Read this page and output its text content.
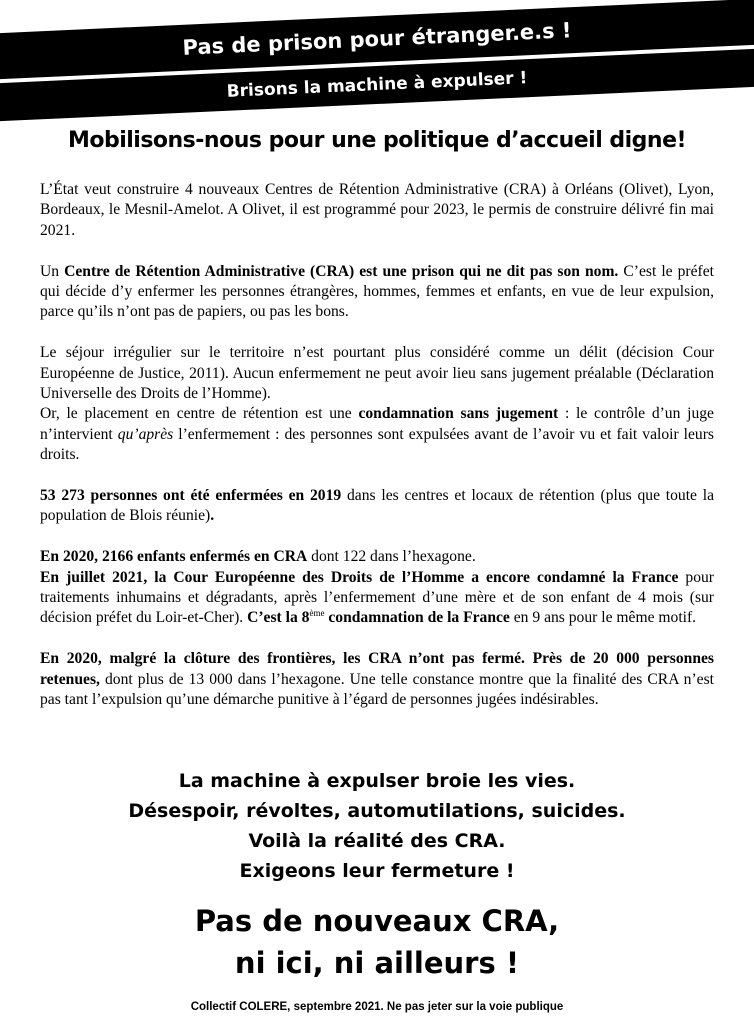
Pas de prison pour étranger.e.s !
Brisons la machine à expulser !
Mobilisons-nous pour une politique d’accueil digne!

L’État veut construire 4 nouveaux Centres de Rétention Administrative (CRA) à Orléans (Olivet), Lyon, Bordeaux, le Mesnil-Amelot. A Olivet, il est programmé pour 2023, le permis de construire délivré fin mai 2021.

Un Centre de Rétention Administrative (CRA) est une prison qui ne dit pas son nom. C’est le préfet qui décide d’y enfermer les personnes étrangères, hommes, femmes et enfants, en vue de leur expulsion, parce qu’ils n’ont pas de papiers, ou pas les bons.

Le séjour irrégulier sur le territoire n’est pourtant plus considéré comme un délit (décision Cour Européenne de Justice, 2011). Aucun enfermement ne peut avoir lieu sans jugement préalable (Déclaration Universelle des Droits de l’Homme).

Or, le placement en centre de rétention est une condamnation sans jugement : le contrôle d’un juge n’intervient qu’après l’enfermement : des personnes sont expulsées avant de l’avoir vu et fait valoir leurs droits.

53 273 personnes ont été enfermées en 2019 dans les centres et locaux de rétention (plus que toute la population de Blois réunie).

En 2020, 2166 enfants enfermés en CRA dont 122 dans l’hexagone.

En juillet 2021, la Cour Européenne des Droits de l’Homme a encore condamné la France pour traitements inhumains et dégradants, après l’enfermement d’une mère et de son enfant de 4 mois (sur décision préfet du Loir-et-Cher). C’est la 8ème condamnation de la France en 9 ans pour le même motif.

En 2020, malgré la clôture des frontières, les CRA n’ont pas fermé. Près de 20 000 personnes retenues, dont plus de 13 000 dans l’hexagone. Une telle constance montre que la finalité des CRA n’est pas tant l’expulsion qu’une démarche punitive à l’égard de personnes jugées indésirables.

La machine à expulser broie les vies.
Désespoir, révoltes, automutilations, suicides.
Voilà la réalité des CRA.
Exigeons leur fermeture !
Pas de nouveaux CRA,
ni ici, ni ailleurs !
Collectif COLERE, septembre 2021. Ne pas jeter sur la voie publique
